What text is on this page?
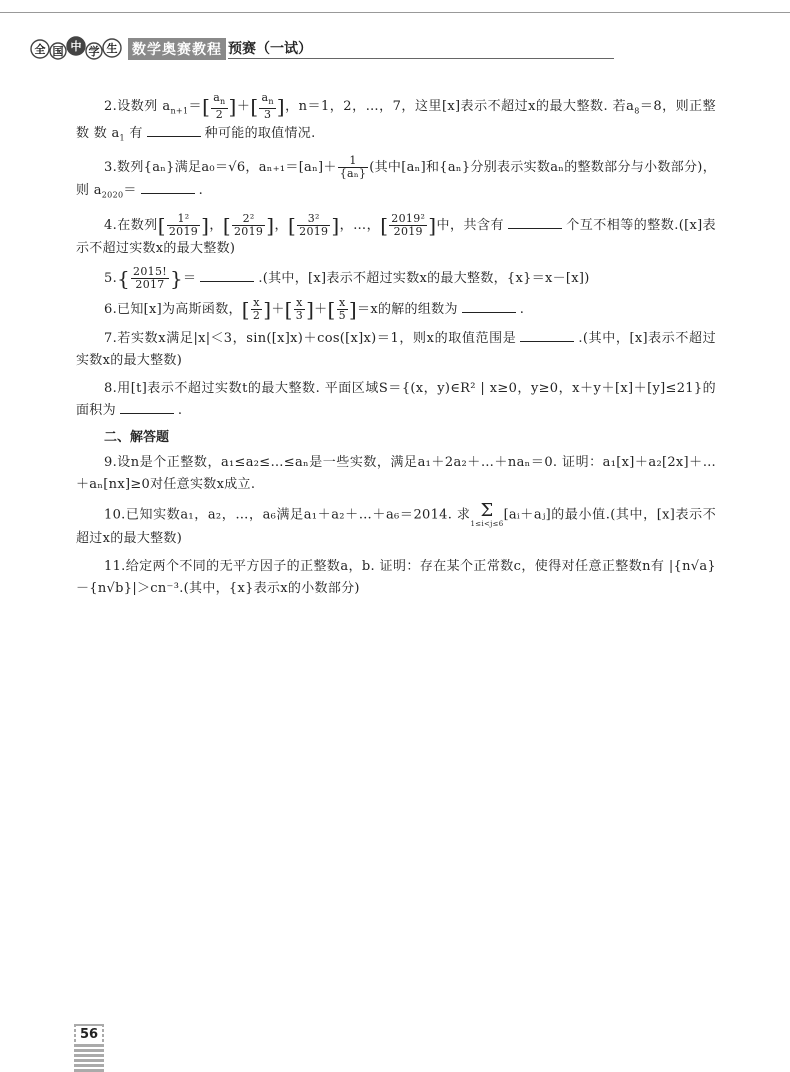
全 国 中 学 生 数学奥赛教程 预赛（一试）

2.设数列 $a_{n+1}=[ \frac{a_n}{2}$ ]＋[ $\frac{a_n}{3}$ ]，n＝1，2，…，7，这里[x]表示不超过x的最大整数. 若$a_8=8$，则正整数 数 $a_1$ 有	种可能的取值情况.

3.数列{aₙ}满足a₀＝√6，$a_{n+1}=[a_n]+ \frac{1}{\text{\{aₙ\}}}$ (其中[aₙ]和{aₙ}分别表示实数aₙ的整数部分与小数部分)，则 $a_{2020}=$	.

4.在数列[ $\frac{\text{1²}}{2019}$ ]，[ $\frac{\text{2²}}{2019}$ ]，[ $\frac{\text{3²}}{2019}$ ]，…，[ $\frac{\text{2019²}}{2019}$ ]中，共含有	个互不相等的整数.([x]表示不超过实数x的最大整数)

$5.\{ \frac{2015!}{2017}$ }＝	.(其中，[x]表示不超过实数x的最大整数，{x}＝x－[x])

6.已知[x]为高斯函数，[ $\frac{x}{2}$ ]＋[ $\frac{x}{3}$ ]＋[ $\frac{x}{5} ]=x$的解的组数为	.

7.若实数x满足|x|＜3，sin([x]x)＋cos([x]x)＝1，则x的取值范围是	.(其中，[x]表示不超过实数x的最大整数)

8.用[t]表示不超过实数t的最大整数. 平面区域S＝{(x，y)∈R² | x≥0，y≥0，x＋y＋[x]＋[y]≤21}的面积为	.

二、解答题

9.设n是个正整数，a₁≤a₂≤…≤aₙ是一些实数，满足a₁＋2a₂＋…＋naₙ＝0. 证明：a₁[x]＋a₂[2x]＋…＋aₙ[nx]≥0对任意实数x成立.

10.已知实数a₁，a₂，…，a₆满足a₁＋a₂＋…＋a₆＝2014. 求 Σ
1≤i<j≤6
[aᵢ＋aⱼ]的最小值.(其中，[x]表示不超过x的最大整数)

11.给定两个不同的无平方因子的正整数a，b. 证明：存在某个正常数c，使得对任意正整数n有 |{n√a}－{n√b}|＞cn⁻³.(其中，{x}表示x的小数部分)

56
